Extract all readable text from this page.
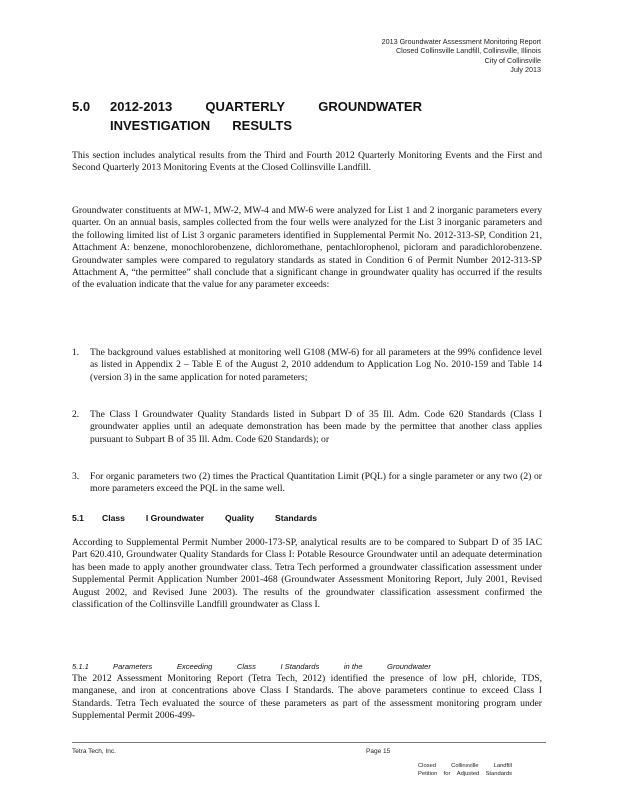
2013 Groundwater Assessment Monitoring Report
Closed Collinsville Landfill, Collinsville, Illinois
City of Collinsville
July 2013
5.0 2012-2013	QUARTERLY	GROUNDWATER
INVESTIGATION RESULTS

This section includes analytical results from the Third and Fourth 2012 Quarterly Monitoring Events and the First and Second Quarterly 2013 Monitoring Events at the Closed Collinsville Landfill.

Groundwater constituents at MW-1, MW-2, MW-4 and MW-6 were analyzed for List 1 and 2 inorganic parameters every quarter. On an annual basis, samples collected from the four wells were analyzed for the List 3 inorganic parameters and the following limited list of List 3 organic parameters identified in Supplemental Permit No. 2012-313-SP, Condition 21, Attachment A: benzene, monochlorobenzene, dichloromethane, pentachlorophenol, picloram and paradichlorobenzene. Groundwater samples were compared to regulatory standards as stated in Condition 6 of Permit Number 2012-313-SP Attachment A, “the permittee” shall conclude that a significant change in groundwater quality has occurred if the results of the evaluation indicate that the value for any parameter exceeds:

1. The background values established at monitoring well G108 (MW-6) for all parameters at the 99% confidence level as listed in Appendix 2 – Table E of the August 2, 2010 addendum to Application Log No. 2010-159 and Table 14 (version 3) in the same application for noted parameters;

2. The Class I Groundwater Quality Standards listed in Subpart D of 35 Ill. Adm. Code 620 Standards (Class I groundwater applies until an adequate demonstration has been made by the permittee that another class applies pursuant to Subpart B of 35 Ill. Adm. Code 620 Standards); or

3. For organic parameters two (2) times the Practical Quantitation Limit (PQL) for a single parameter or any two (2) or more parameters exceed the PQL in the same well.

5.1 Class I Groundwater Quality Standards

According to Supplemental Permit Number 2000-173-SP, analytical results are to be compared to Subpart D of 35 IAC Part 620.410, Groundwater Quality Standards for Class I: Potable Resource Groundwater until an adequate determination has been made to apply another groundwater class. Tetra Tech performed a groundwater classification assessment under Supplemental Permit Application Number 2001-468 (Groundwater Assessment Monitoring Report, July 2001, Revised August 2002, and Revised June 2003). The results of the groundwater classification assessment confirmed the classification of the Collinsville Landfill groundwater as Class I.

5.1.1	Parameters	Exceeding	Class	I Standards	in the	Groundwater

The 2012 Assessment Monitoring Report (Tetra Tech, 2012) identified the presence of low pH, chloride, TDS, manganese, and iron at concentrations above Class I Standards. The above parameters continue to exceed Class I Standards. Tetra Tech evaluated the source of these parameters as part of the assessment monitoring program under Supplemental Permit 2006-499-

Tetra Tech, Inc.	Page 15
Closed	Collinsville	Landfill
Petition for Adjusted Standards
